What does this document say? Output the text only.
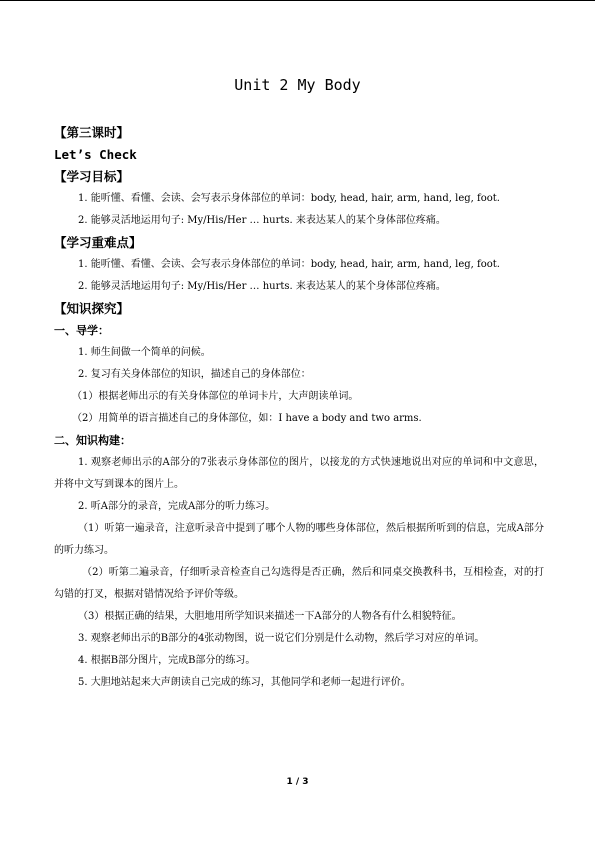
Unit 2 My Body
【第三课时】
Let’s Check
【学习目标】
1. 能听懂、看懂、会读、会写表示身体部位的单词：body, head, hair, arm, hand, leg, foot.
2. 能够灵活地运用句子: My/His/Her … hurts. 来表达某人的某个身体部位疼痛。
【学习重难点】
1. 能听懂、看懂、会读、会写表示身体部位的单词：body, head, hair, arm, hand, leg, foot.
2. 能够灵活地运用句子: My/His/Her … hurts. 来表达某人的某个身体部位疼痛。
【知识探究】
一、导学：
1. 师生间做一个简单的问候。
2. 复习有关身体部位的知识，描述自己的身体部位：
（1）根据老师出示的有关身体部位的单词卡片，大声朗读单词。
（2）用简单的语言描述自己的身体部位，如：I have a body and two arms.
二、知识构建：
1. 观察老师出示的A部分的7张表示身体部位的图片，以接龙的方式快速地说出对应的单词和中文意思，并将中文写到课本的图片上。
2. 听A部分的录音，完成A部分的听力练习。
（1）听第一遍录音，注意听录音中提到了哪个人物的哪些身体部位，然后根据所听到的信息，完成A部分的听力练习。
（2）听第二遍录音，仔细听录音检查自己勾选得是否正确，然后和同桌交换教科书，互相检查，对的打勾错的打叉，根据对错情况给予评价等级。
（3）根据正确的结果，大胆地用所学知识来描述一下A部分的人物各有什么相貌特征。
3. 观察老师出示的B部分的4张动物图，说一说它们分别是什么动物，然后学习对应的单词。
4. 根据B部分图片，完成B部分的练习。
5. 大胆地站起来大声朗读自己完成的练习，其他同学和老师一起进行评价。
1 / 3
